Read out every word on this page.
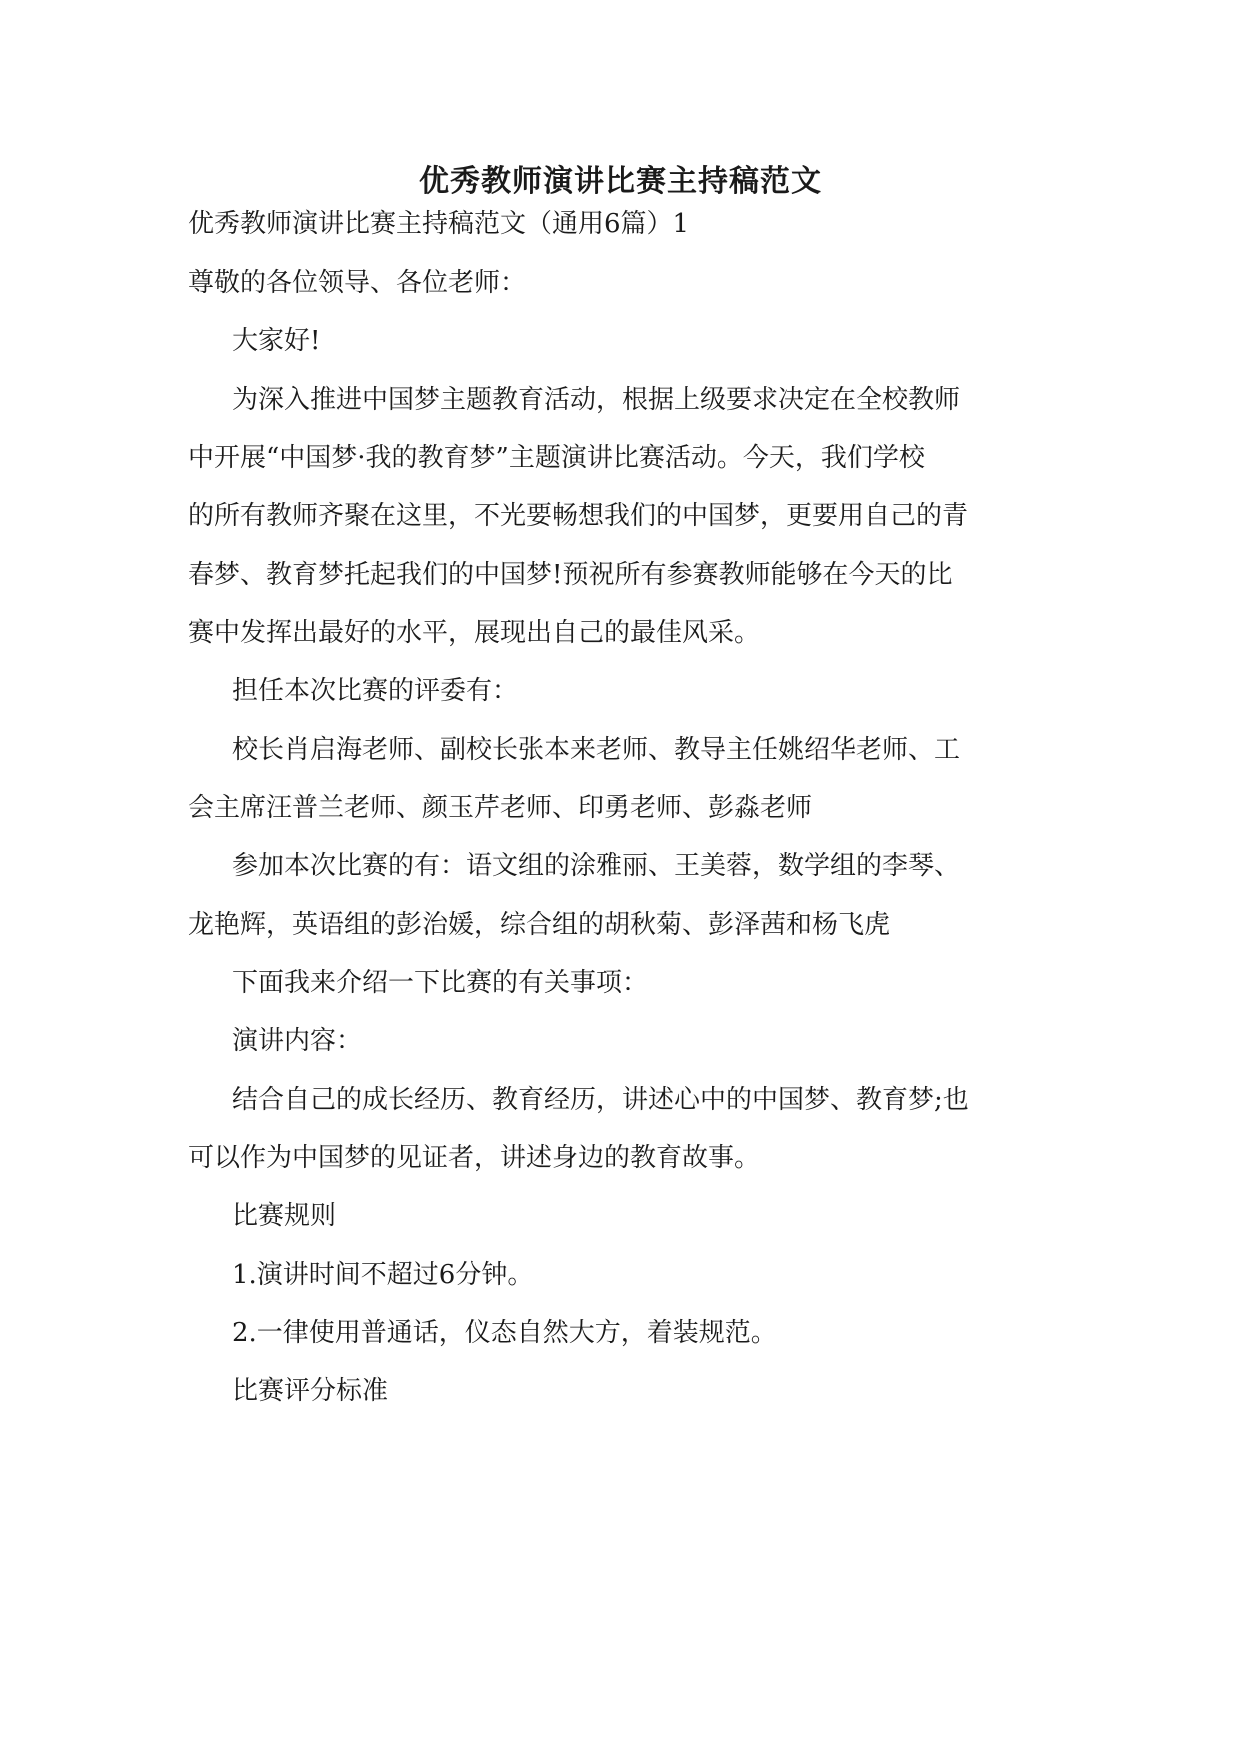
优秀教师演讲比赛主持稿范文

优秀教师演讲比赛主持稿范文（通用6篇）1

尊敬的各位领导、各位老师：

大家好!

为深入推进中国梦主题教育活动，根据上级要求决定在全校教师

中开展“中国梦·我的教育梦”主题演讲比赛活动。今天，我们学校

的所有教师齐聚在这里，不光要畅想我们的中国梦，更要用自己的青

春梦、教育梦托起我们的中国梦!预祝所有参赛教师能够在今天的比

赛中发挥出最好的水平，展现出自己的最佳风采。

担任本次比赛的评委有：

校长肖启海老师、副校长张本来老师、教导主任姚绍华老师、工

会主席汪普兰老师、颜玉芹老师、印勇老师、彭淼老师

参加本次比赛的有：语文组的涂雅丽、王美蓉，数学组的李琴、

龙艳辉，英语组的彭治媛，综合组的胡秋菊、彭泽茜和杨飞虎

下面我来介绍一下比赛的有关事项：

演讲内容：

结合自己的成长经历、教育经历，讲述心中的中国梦、教育梦;也

可以作为中国梦的见证者，讲述身边的教育故事。

比赛规则

1.演讲时间不超过6分钟。

2.一律使用普通话，仪态自然大方，着装规范。

比赛评分标准
